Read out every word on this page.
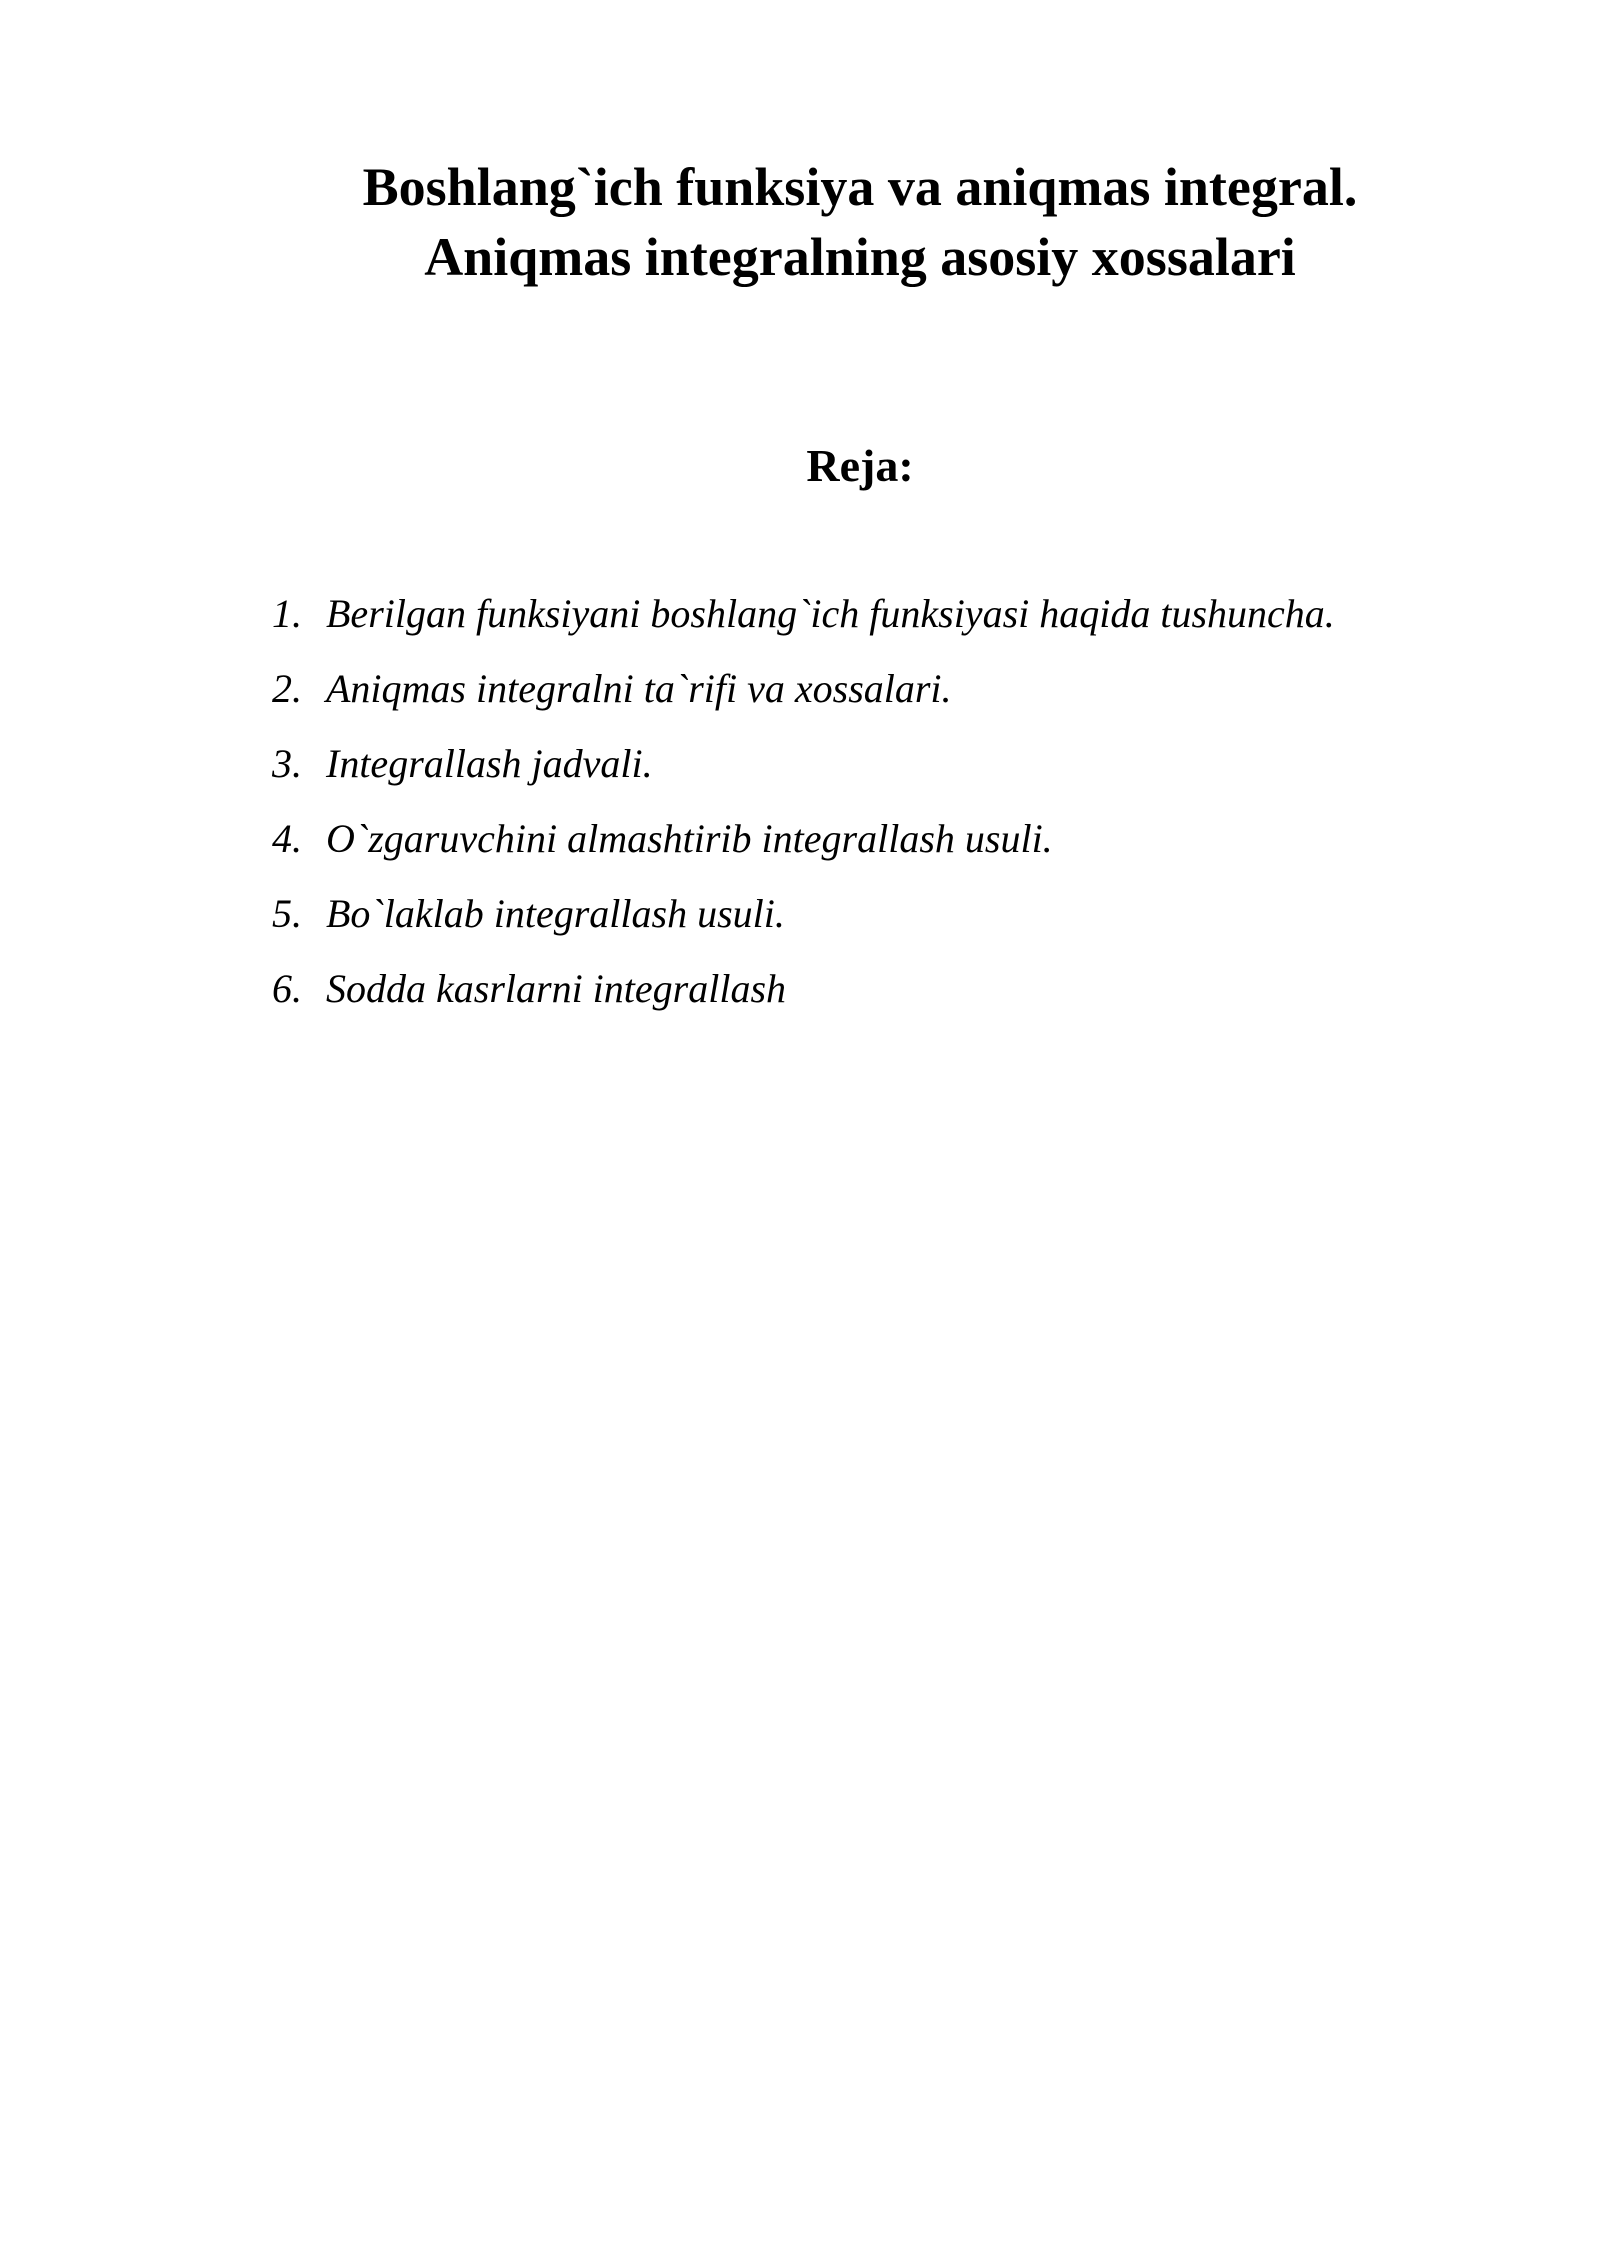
Boshlang`ich funksiya va aniqmas integral.
Aniqmas integralning asosiy xossalari
Reja:
1. Berilgan funksiyani boshlang`ich funksiyasi haqida tushuncha.
2. Aniqmas integralni ta`rifi va xossalari.
3. Integrallash jadvali.
4. O`zgaruvchini almashtirib integrallash usuli.
5. Bo`laklab integrallash usuli.
6. Sodda kasrlarni integrallash
